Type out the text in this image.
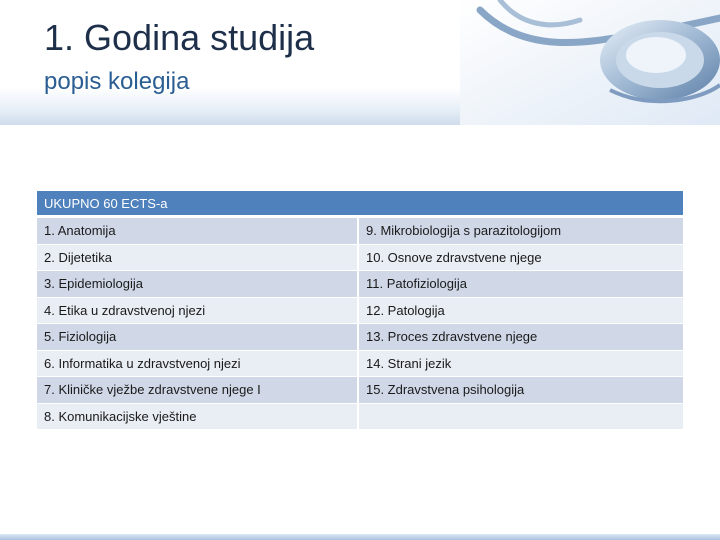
1. Godina studija
popis kolegija
UKUPNO 60 ECTS-a
1. Anatomija	9. Mikrobiologija s parazitologijom
2. Dijetetika	10. Osnove zdravstvene njege
3. Epidemiologija	11. Patofiziologija
4. Etika u zdravstvenoj njezi	12. Patologija
5. Fiziologija	13. Proces zdravstvene njege
6. Informatika u zdravstvenoj njezi	14. Strani jezik
7. Kliničke vježbe zdravstvene njege I	15. Zdravstvena psihologija
8. Komunikacijske vještine
